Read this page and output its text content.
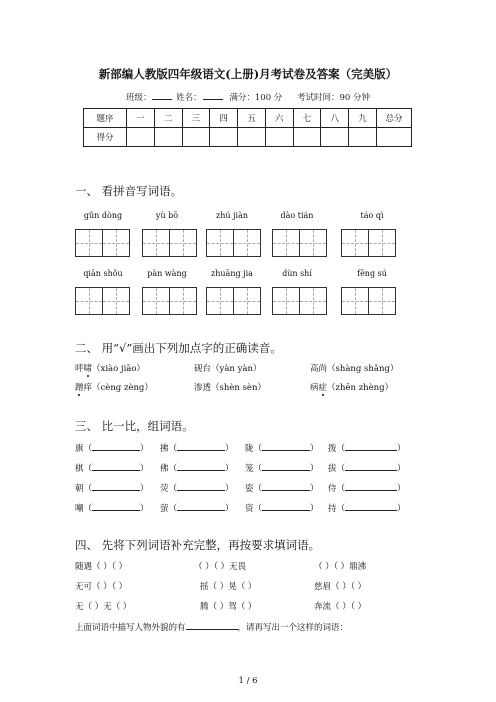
新部编人教版四年级语文(上册)月考试卷及答案（完美版）
班级：	姓名：	满分：100 分 考试时间：90 分钟
题序	一	二	三	四	五	六	七	八	九	总分
得分										
一、 看拼音写词语。
gǔn dòng	yù bō	zhú jiàn	dào tián	táo qì
qiān shǒu	pàn wàng	zhuāng jia	dùn shí	fēng sú
二、 用“√”画出下列加点字的正确读音。
呼啸（xiào jiāo）	砚台（yàn yàn）	高尚（shàng shǎng）
蹭痒（cèng zèng）	渗透（shèn sèn）	病症（zhēn zhèng）
三、 比一比，组词语。
旗（	） 拂（	） 陇（	） 拨（	）
棋（	） 佛（	） 笼（	） 拔（	）
朝（	） 荧（	） 姿（	） 侍（	）
嘲（	） 萤（	） 资（	） 持（	）
四、 先将下列词语补充完整，再按要求填词语。
随遇（ ）（ ）	（ ）（ ）无畏	（ ）（ ）鼎沸
无可（ ）（ ）	摇（ ）晃（ ）	慈眉（ ）（ ）
无（ ）无（ ）	腾（ ）驾（ ）	奔流（ ）（ ）
上面词语中描写人物外貌的有	，请再写出一个这样的词语：
1 / 6
